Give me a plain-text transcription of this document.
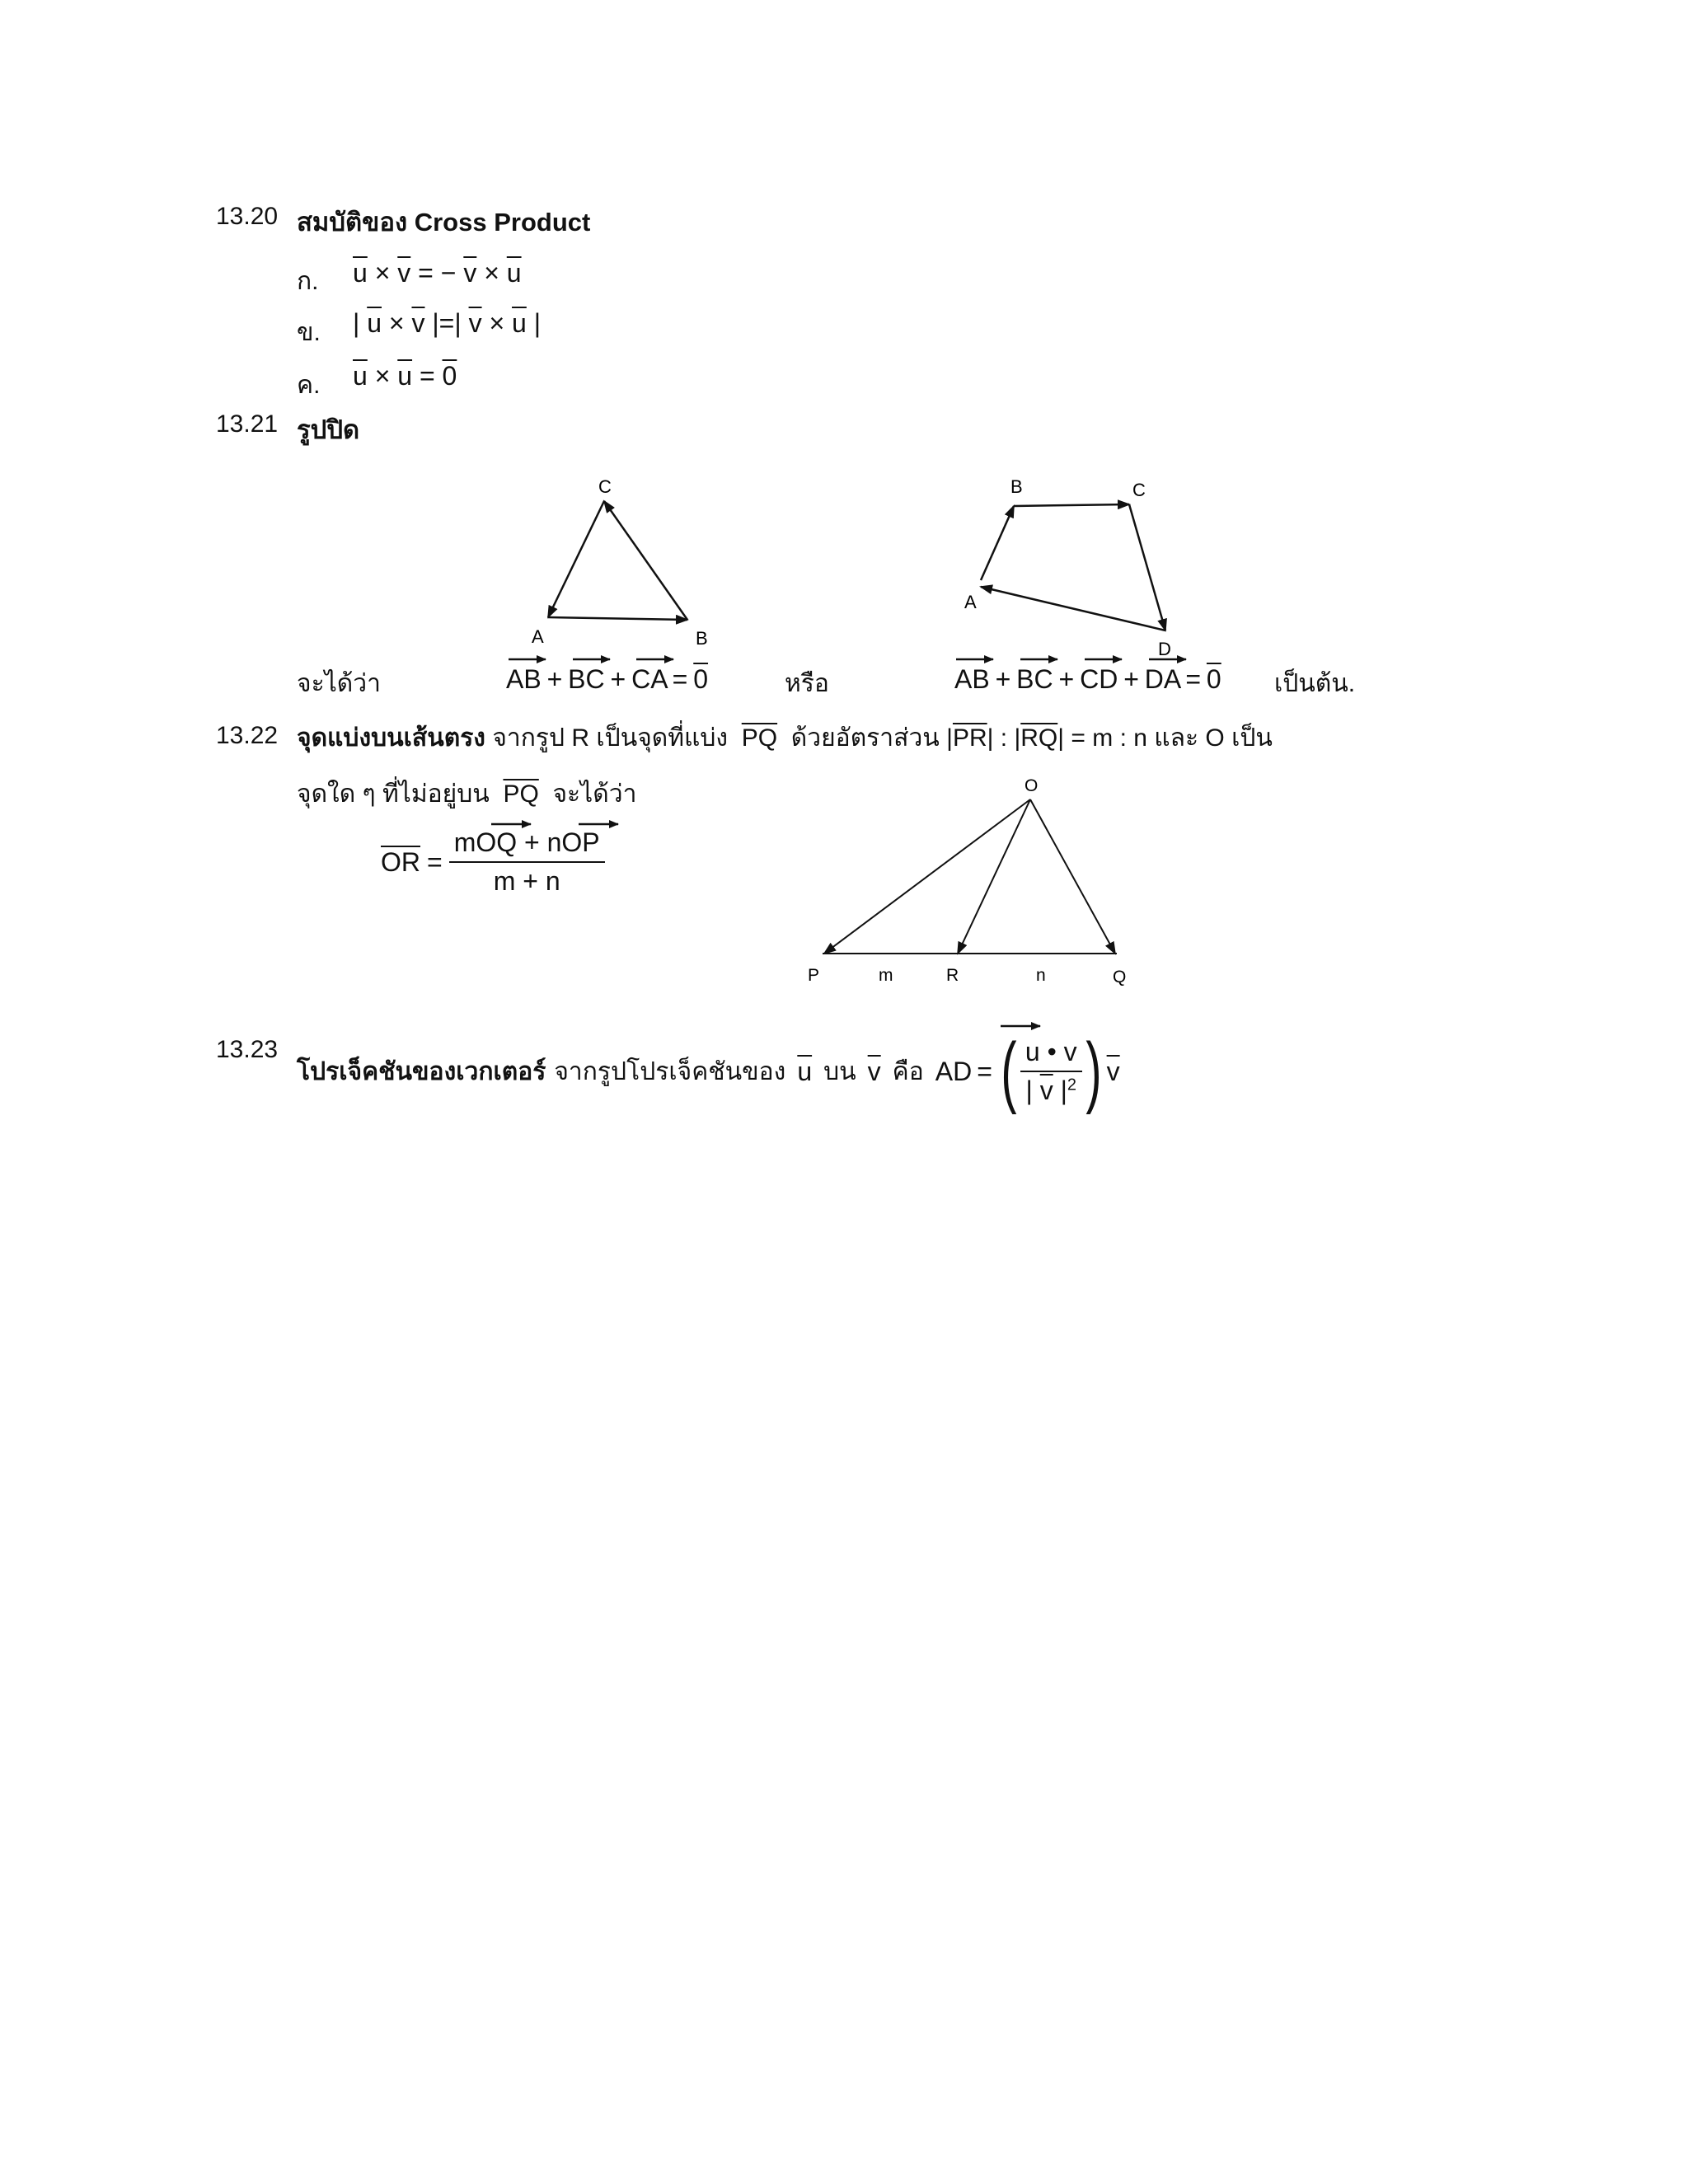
13.20 สมบัติของ Cross Product
ก. $\overline{u} \times \overline{v}$ = − $\overline{v} \times \overline{u}$
ข. | $\overline{u} \times \overline{v}$ |=| $\overline{v} \times \overline{u}$ |
ค. $\overline{u} \times \overline{u} = 0$
13.21 รูปปิด
C
A	B
B	C
A
D
O
P	m	R	n	Q
จะได้ว่า	AB + BC + CA = 0	หรือ	AB + BC + CD + DA = 0 เป็นต้น.
13.22 จุดแบ่งบนเส้นตรง จากรูป R เป็นจุดที่แบ่ง $\overline{PQ}$ ด้วยอัตราส่วน $|\overline{PR}|$ : $|\overline{RQ}| = m$ : n และ O เป็น
จุดใด ๆ ที่ไม่อยู่บน $\overline{PQ}$ จะได้ว่า
$\overline{OR} = \frac{\text{mOQ + nOP}}{m + n}$
13.23
โปรเจ็คชันของเวกเตอร์ จากรูปโปรเจ็คชันของ $\overline{u}$ บน $\overline{v}$ คือ AD = ( $\frac{u • v}{| \overline{v} |^2}$ ) $\overline{v}$
